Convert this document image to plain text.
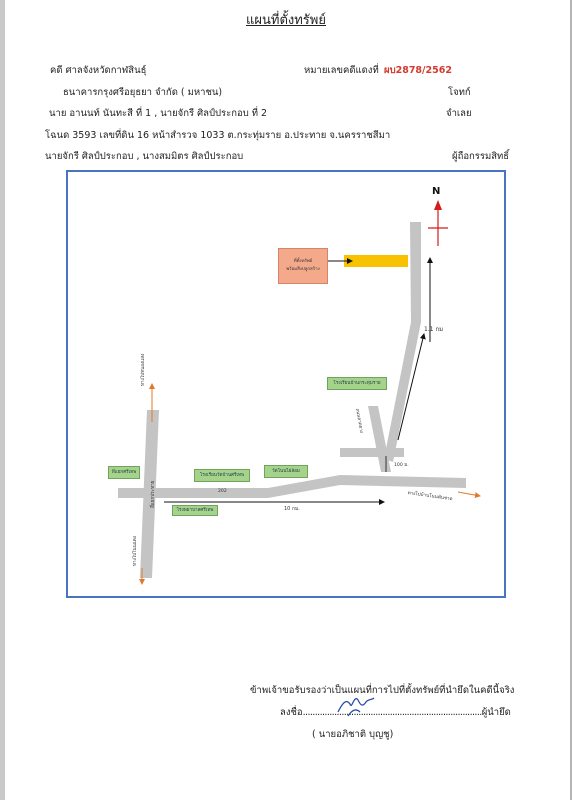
แผนที่ตั้งทรัพย์
คดี ศาลจังหวัดกาฬสินธุ์	หมายเลขคดีแดงที่ ผบ2878/2562
ธนาคารกรุงศรีอยุธยา จำกัด ( มหาชน)	โจทก์
นาย อานนท์ นันทะสี ที่ 1 , นายจักรี ศิลป์ประกอบ ที่ 2	จำเลย
โฉนด 3593 เลขที่ดิน 16 หน้าสำรวจ 1033 ต.กระทุ่มราย อ.ประทาย จ.นครราชสีมา
นายจักรี ศิลป์ประกอบ , นางสมมิตร ศิลป์ประกอบ	ผู้ถือกรรมสิทธิ์
N
ที่ตั้งทรัพย์
พร้อมสิ่งปลูกสร้าง
1.1 กม
100 ม.
10 กม.
202
โรงเรียนบ้านกระทุ่มราย
ถนนลาดยาง
ทางไปหนองแสง
ทางไปโนนแดง
ทางไปบ้านโนนพันชาด
สี่แยกประทาย
ที่แยกศรีเทพ
โรงเรียนวัดบ้านศรีเทพ
วัดโนนไผ่ล้อม
โรงพยาบาลศรีเทพ
ข้าพเจ้าขอรับรองว่าเป็นแผนที่การไปที่ตั้งทรัพย์ที่นำยึดในคดีนี้จริง
ลงชื่อ..........................................................................ผู้นำยึด
( นายอภิชาติ บุญชู)
